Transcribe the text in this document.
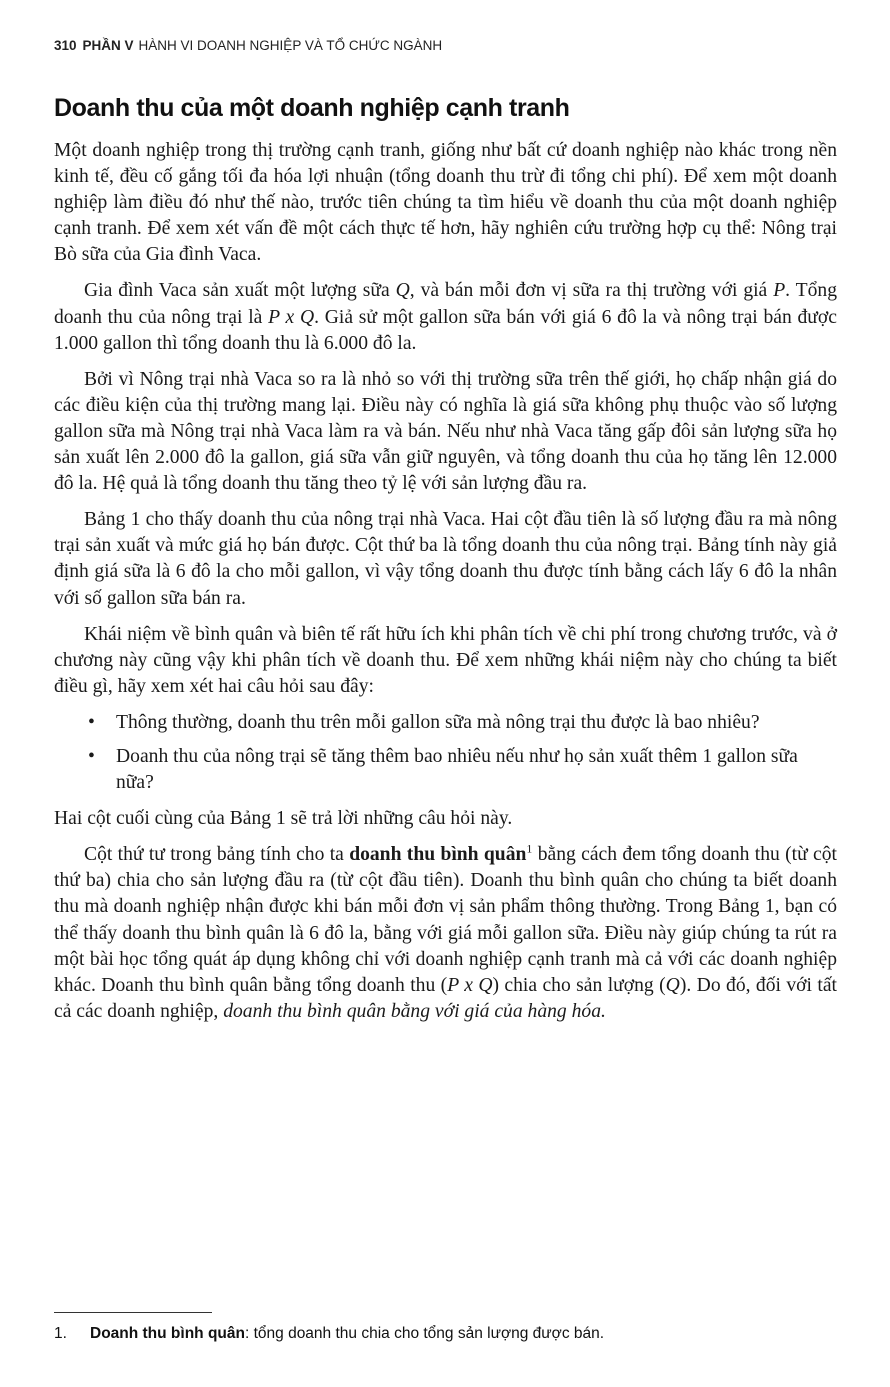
310 PHẦN V HÀNH VI DOANH NGHIỆP VÀ TỔ CHỨC NGÀNH
Doanh thu của một doanh nghiệp cạnh tranh

Một doanh nghiệp trong thị trường cạnh tranh, giống như bất cứ doanh nghiệp nào khác trong nền kinh tế, đều cố gắng tối đa hóa lợi nhuận (tổng doanh thu trừ đi tổng chi phí). Để xem một doanh nghiệp làm điều đó như thế nào, trước tiên chúng ta tìm hiểu về doanh thu của một doanh nghiệp cạnh tranh. Để xem xét vấn đề một cách thực tế hơn, hãy nghiên cứu trường hợp cụ thể: Nông trại Bò sữa của Gia đình Vaca.

Gia đình Vaca sản xuất một lượng sữa Q, và bán mỗi đơn vị sữa ra thị trường với giá P. Tổng doanh thu của nông trại là P x Q. Giả sử một gallon sữa bán với giá 6 đô la và nông trại bán được 1.000 gallon thì tổng doanh thu là 6.000 đô la.

Bởi vì Nông trại nhà Vaca so ra là nhỏ so với thị trường sữa trên thế giới, họ chấp nhận giá do các điều kiện của thị trường mang lại. Điều này có nghĩa là giá sữa không phụ thuộc vào số lượng gallon sữa mà Nông trại nhà Vaca làm ra và bán. Nếu như nhà Vaca tăng gấp đôi sản lượng sữa họ sản xuất lên 2.000 đô la gallon, giá sữa vẫn giữ nguyên, và tổng doanh thu của họ tăng lên 12.000 đô la. Hệ quả là tổng doanh thu tăng theo tỷ lệ với sản lượng đầu ra.

Bảng 1 cho thấy doanh thu của nông trại nhà Vaca. Hai cột đầu tiên là số lượng đầu ra mà nông trại sản xuất và mức giá họ bán được. Cột thứ ba là tổng doanh thu của nông trại. Bảng tính này giả định giá sữa là 6 đô la cho mỗi gallon, vì vậy tổng doanh thu được tính bằng cách lấy 6 đô la nhân với số gallon sữa bán ra.

Khái niệm về bình quân và biên tế rất hữu ích khi phân tích về chi phí trong chương trước, và ở chương này cũng vậy khi phân tích về doanh thu. Để xem những khái niệm này cho chúng ta biết điều gì, hãy xem xét hai câu hỏi sau đây:

• Thông thường, doanh thu trên mỗi gallon sữa mà nông trại thu được là bao nhiêu?
• Doanh thu của nông trại sẽ tăng thêm bao nhiêu nếu như họ sản xuất thêm 1 gallon sữa nữa?

Hai cột cuối cùng của Bảng 1 sẽ trả lời những câu hỏi này.

Cột thứ tư trong bảng tính cho ta doanh thu bình quân$^1$ bằng cách đem tổng doanh thu (từ cột thứ ba) chia cho sản lượng đầu ra (từ cột đầu tiên). Doanh thu bình quân cho chúng ta biết doanh thu mà doanh nghiệp nhận được khi bán mỗi đơn vị sản phẩm thông thường. Trong Bảng 1, bạn có thể thấy doanh thu bình quân là 6 đô la, bằng với giá mỗi gallon sữa. Điều này giúp chúng ta rút ra một bài học tổng quát áp dụng không chỉ với doanh nghiệp cạnh tranh mà cả với các doanh nghiệp khác. Doanh thu bình quân bằng tổng doanh thu (P x Q) chia cho sản lượng (Q). Do đó, đối với tất cả các doanh nghiệp, doanh thu bình quân bằng với giá của hàng hóa.

1. Doanh thu bình quân: tổng doanh thu chia cho tổng sản lượng được bán.
